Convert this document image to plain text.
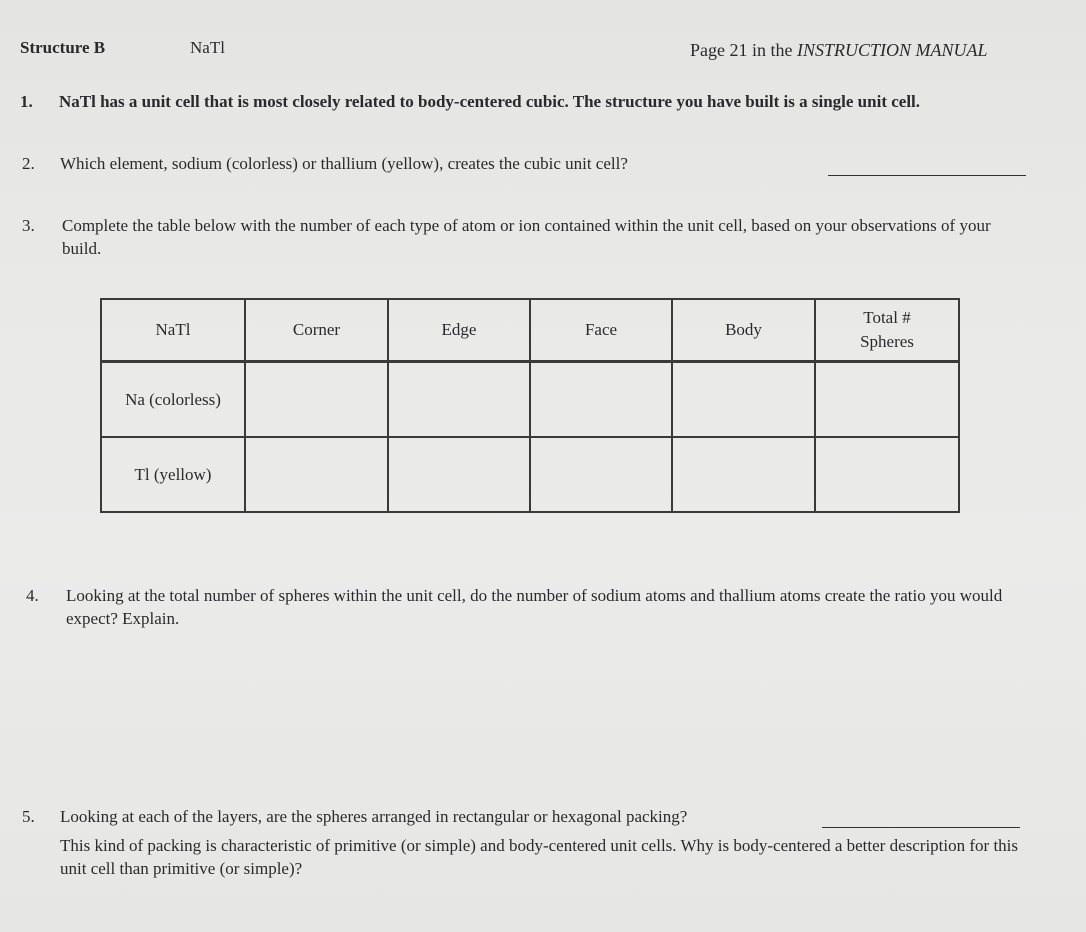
Structure B	NaTl	Page 21 in the INSTRUCTION MANUAL
1. NaTl has a unit cell that is most closely related to body-centered cubic. The structure you have built is a single unit cell.
2. Which element, sodium (colorless) or thallium (yellow), creates the cubic unit cell?
3. Complete the table below with the number of each type of atom or ion contained within the unit cell, based on your observations of your build.
NaTl	Corner	Edge	Face	Body	Total #
Spheres
Na (colorless)					
Tl (yellow)					
4. Looking at the total number of spheres within the unit cell, do the number of sodium atoms and thallium atoms create the ratio you would expect? Explain.
5. Looking at each of the layers, are the spheres arranged in rectangular or hexagonal packing?
This kind of packing is characteristic of primitive (or simple) and body-centered unit cells. Why is body-centered a better description for this unit cell than primitive (or simple)?
